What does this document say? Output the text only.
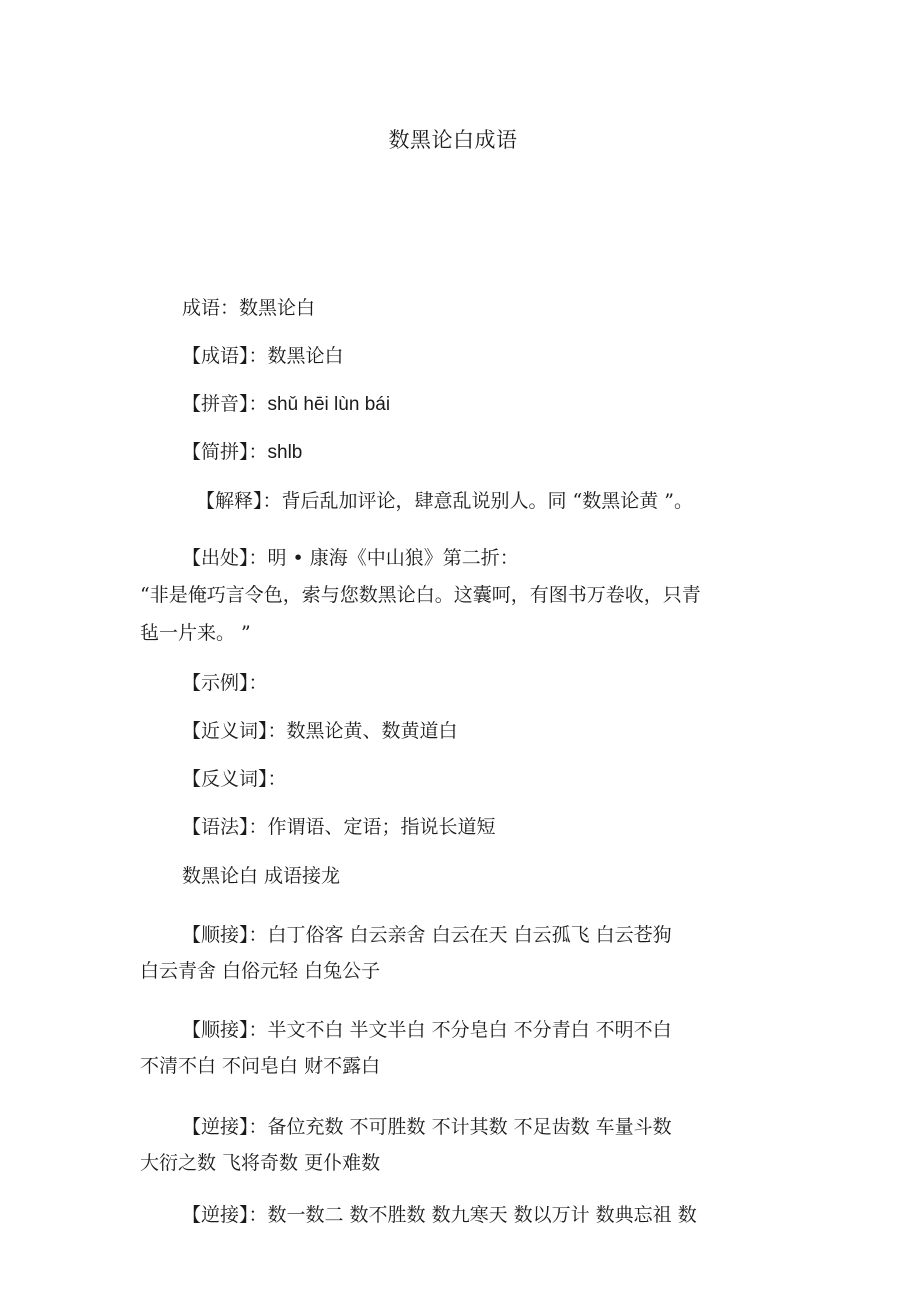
数黑论白成语
成语：数黑论白
【成语】：数黑论白
【拼音】：shǔ hēi lùn bái
【简拼】：shlb
【解释】：背后乱加评论，肆意乱说别人。同 “数黑论黄 ”。
【出处】：明 • 康海《中山狼》第二折：
“非是俺巧言令色，索与您数黑论白。这囊呵，有图书万卷收，只青
毡一片来。 ”
【示例】：
【近义词】：数黑论黄、数黄道白
【反义词】：
【语法】：作谓语、定语；指说长道短
数黑论白 成语接龙
【顺接】：白丁俗客 白云亲舍 白云在天 白云孤飞 白云苍狗
白云青舍 白俗元轻 白兔公子
【顺接】：半文不白 半文半白 不分皂白 不分青白 不明不白
不清不白 不问皂白 财不露白
【逆接】：备位充数 不可胜数 不计其数 不足齿数 车量斗数
大衍之数 飞将奇数 更仆难数
【逆接】：数一数二 数不胜数 数九寒天 数以万计 数典忘祖 数
